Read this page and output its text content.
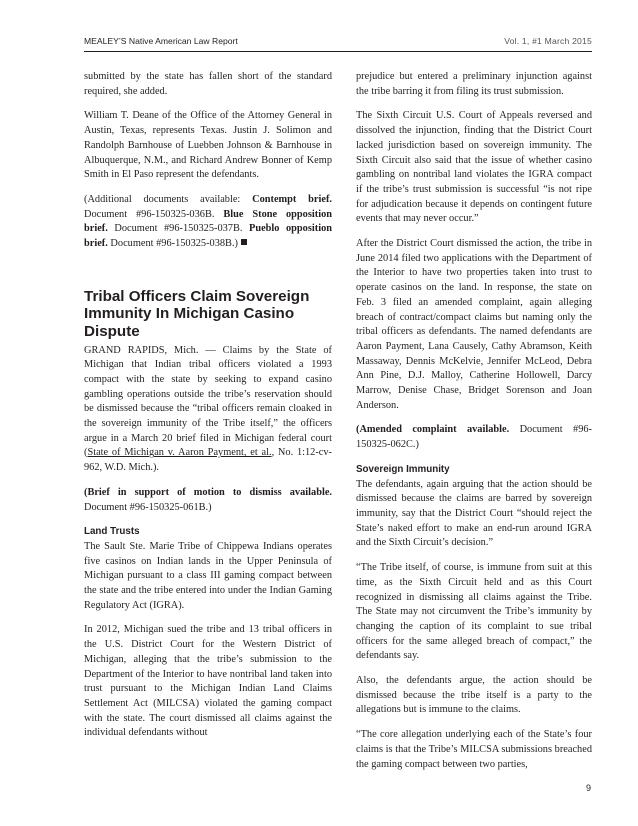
MEALEY’S Native American Law Report	Vol. 1, #1 March 2015

submitted by the state has fallen short of the standard required, she added.

William T. Deane of the Office of the Attorney General in Austin, Texas, represents Texas. Justin J. Solimon and Randolph Barnhouse of Luebben Johnson & Barnhouse in Albuquerque, N.M., and Richard Andrew Bonner of Kemp Smith in El Paso represent the defendants.

(Additional documents available: Contempt brief. Document #96-150325-036B. Blue Stone opposition brief. Document #96-150325-037B. Pueblo opposition brief. Document #96-150325-038B.)

Tribal Officers Claim Sovereign Immunity In Michigan Casino Dispute

GRAND RAPIDS, Mich. — Claims by the State of Michigan that Indian tribal officers violated a 1993 compact with the state by seeking to expand casino gambling operations outside the tribe’s reservation should be dismissed because the “tribal officers remain cloaked in the sovereign immunity of the Tribe itself,” the officers argue in a March 20 brief filed in Michigan federal court (State of Michigan v. Aaron Payment, et al., No. 1:12-cv-962, W.D. Mich.).

(Brief in support of motion to dismiss available. Document #96-150325-061B.)

Land Trusts

The Sault Ste. Marie Tribe of Chippewa Indians operates five casinos on Indian lands in the Upper Peninsula of Michigan pursuant to a class III gaming compact between the state and the tribe entered into under the Indian Gaming Regulatory Act (IGRA).

In 2012, Michigan sued the tribe and 13 tribal officers in the U.S. District Court for the Western District of Michigan, alleging that the tribe’s submission to the Department of the Interior to have nontribal land taken into trust pursuant to the Michigan Indian Land Claims Settlement Act (MILCSA) violated the gaming compact with the state. The court dismissed all claims against the individual defendants without

prejudice but entered a preliminary injunction against the tribe barring it from filing its trust submission.

The Sixth Circuit U.S. Court of Appeals reversed and dissolved the injunction, finding that the District Court lacked jurisdiction based on sovereign immunity. The Sixth Circuit also said that the issue of whether casino gambling on nontribal land violates the IGRA compact if the tribe’s trust submission is successful “is not ripe for adjudication because it depends on contingent future events that may never occur.”

After the District Court dismissed the action, the tribe in June 2014 filed two applications with the Department of the Interior to have two properties taken into trust to operate casinos on the land. In response, the state on Feb. 3 filed an amended complaint, again alleging breach of contract/compact claims but naming only the tribal officers as defendants. The named defendants are Aaron Payment, Lana Causely, Cathy Abramson, Keith Massaway, Dennis McKelvie, Jennifer McLeod, Debra Ann Pine, D.J. Malloy, Catherine Hollowell, Darcy Marrow, Denise Chase, Bridget Sorenson and Joan Anderson.

(Amended complaint available. Document #96-150325-062C.)

Sovereign Immunity

The defendants, again arguing that the action should be dismissed because the claims are barred by sovereign immunity, say that the District Court “should reject the State’s naked effort to make an end-run around IGRA and the Sixth Circuit’s decision.”

“The Tribe itself, of course, is immune from suit at this time, as the Sixth Circuit held and as this Court recognized in dismissing all claims against the Tribe. The State may not circumvent the Tribe’s immunity by changing the caption of its complaint to sue tribal officers for the same alleged breach of compact,” the defendants say.

Also, the defendants argue, the action should be dismissed because the tribe itself is a party to the allegations but is immune to the claims.

“The core allegation underlying each of the State’s four claims is that the Tribe’s MILCSA submissions breached the gaming compact between two parties,

9
